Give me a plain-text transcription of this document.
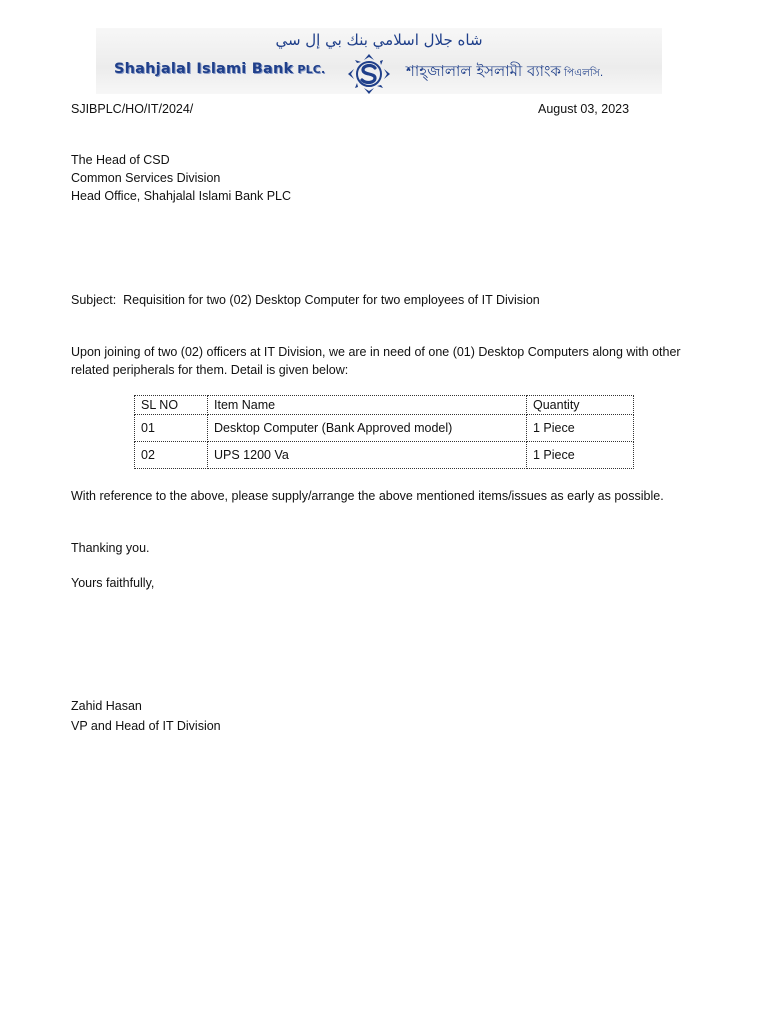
شاه جلال اسلامي بنك بي إل سي
Shahjalal Islami Bank PLC.	শাহ্‌জালাল ইসলামী ব্যাংক পিএলসি.
SJIBPLC/HO/IT/2024/	August 03, 2023
The Head of CSD
Common Services Division
Head Office, Shahjalal Islami Bank PLC
Subject:  Requisition for two (02) Desktop Computer for two employees of IT Division
Upon joining of two (02) officers at IT Division, we are in need of one (01) Desktop Computers along with other related peripherals for them. Detail is given below:
SL NO	Item Name	Quantity
01	Desktop Computer (Bank Approved model)	1 Piece
02	UPS 1200 Va	1 Piece
With reference to the above, please supply/arrange the above mentioned items/issues as early as possible.
Thanking you.
Yours faithfully,
Zahid Hasan
VP and Head of IT Division
